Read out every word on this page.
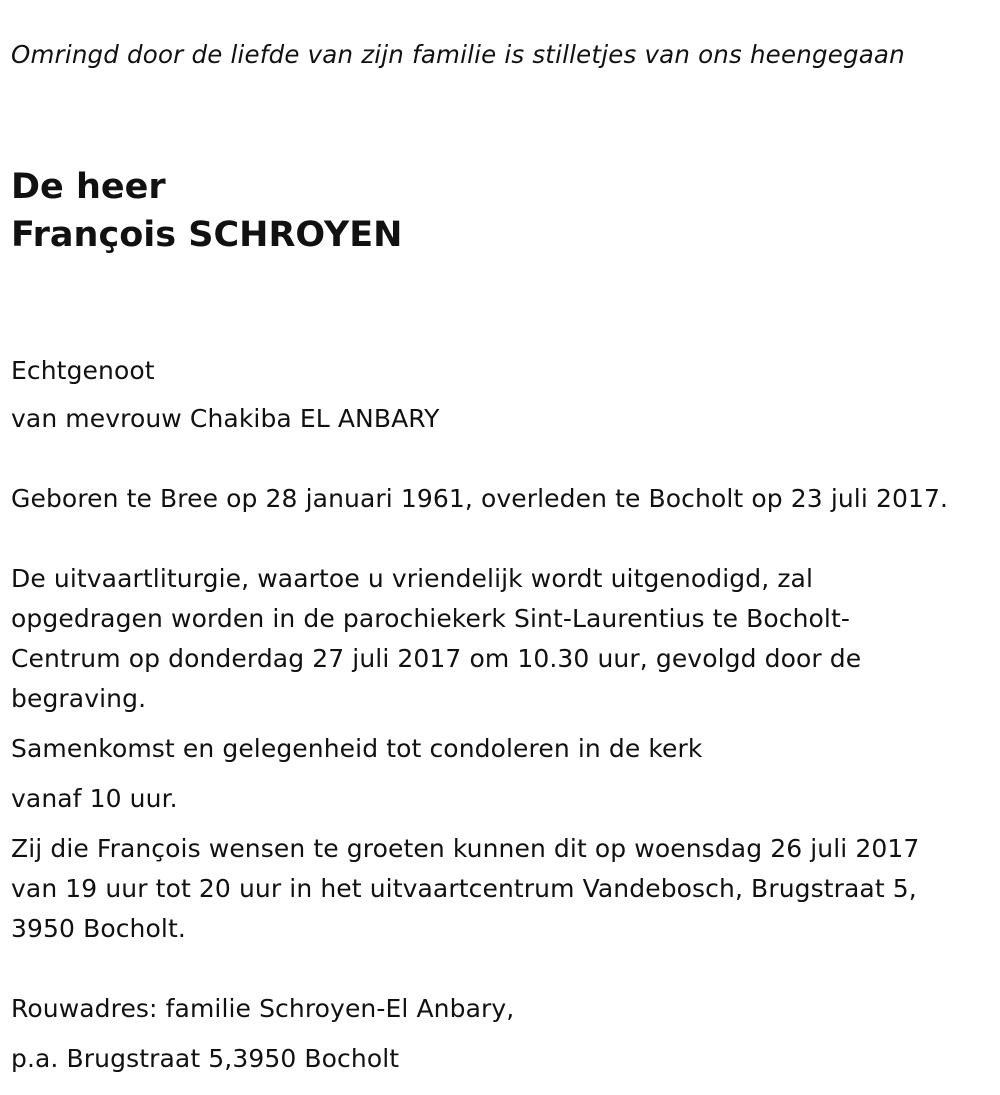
Omringd door de liefde van zijn familie is stilletjes van ons heengegaan
De heer
François SCHROYEN
Echtgenoot
van mevrouw Chakiba EL ANBARY
Geboren te Bree op 28 januari 1961, overleden te Bocholt op 23 juli 2017.
De uitvaartliturgie, waartoe u vriendelijk wordt uitgenodigd, zal
opgedragen worden in de parochiekerk Sint-Laurentius te Bocholt-
Centrum op donderdag 27 juli 2017 om 10.30 uur, gevolgd door de
begraving.
Samenkomst en gelegenheid tot condoleren in de kerk
vanaf 10 uur.
Zij die François wensen te groeten kunnen dit op woensdag 26 juli 2017
van 19 uur tot 20 uur in het uitvaartcentrum Vandebosch, Brugstraat 5,
3950 Bocholt.
Rouwadres: familie Schroyen-El Anbary,
p.a. Brugstraat 5,3950 Bocholt
